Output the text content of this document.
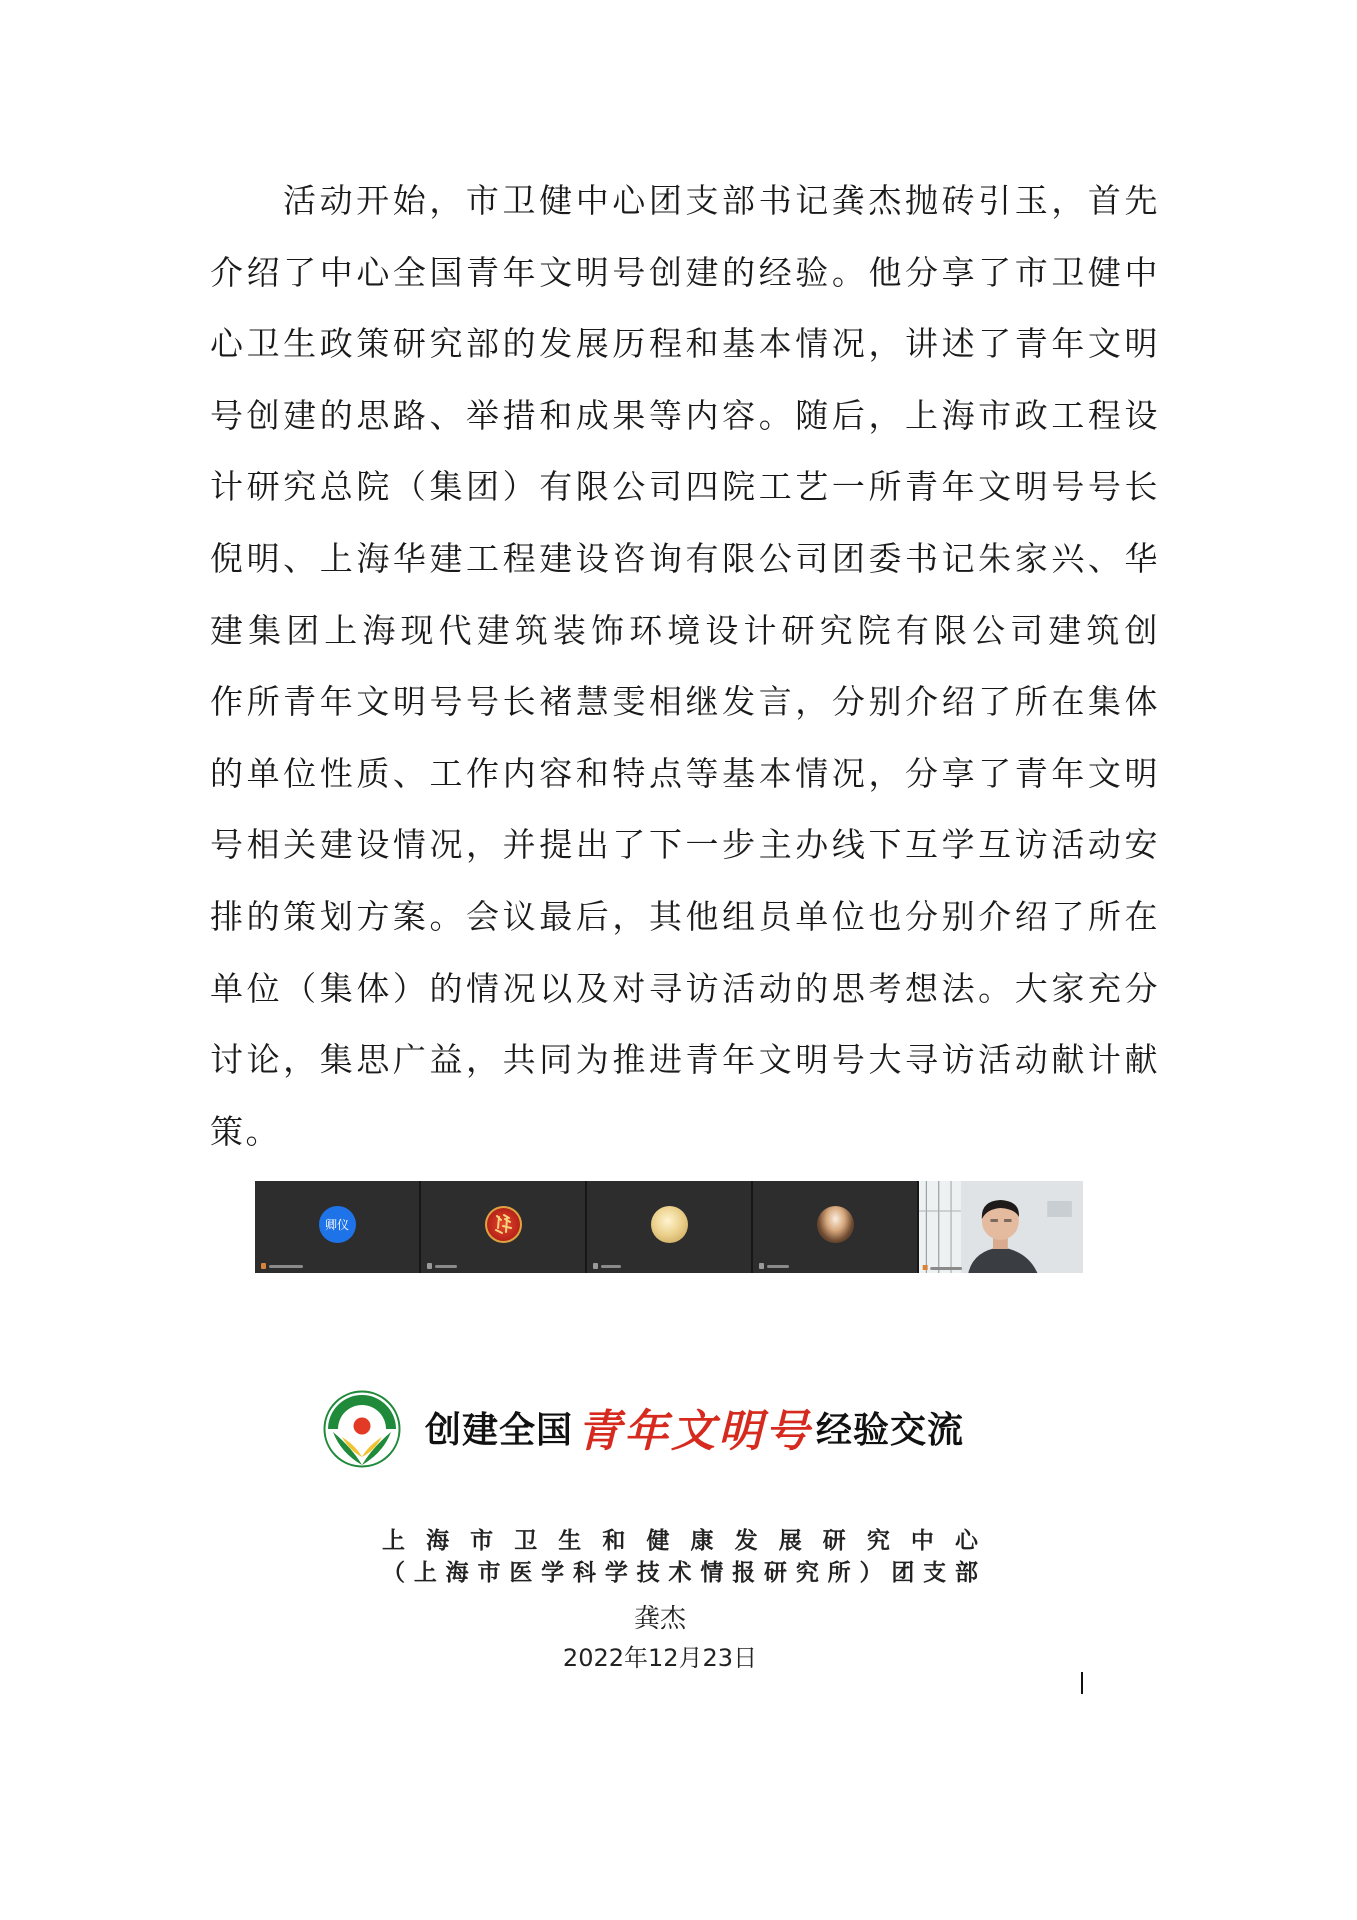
活动开始，市卫健中心团支部书记龚杰抛砖引玉，首先
介绍了中心全国青年文明号创建的经验。他分享了市卫健中
心卫生政策研究部的发展历程和基本情况，讲述了青年文明
号创建的思路、举措和成果等内容。随后，上海市政工程设
计研究总院（集团）有限公司四院工艺一所青年文明号号长
倪明、上海华建工程建设咨询有限公司团委书记朱家兴、华
建集团上海现代建筑装饰环境设计研究院有限公司建筑创
作所青年文明号号长褚慧雯相继发言，分别介绍了所在集体
的单位性质、工作内容和特点等基本情况，分享了青年文明
号相关建设情况，并提出了下一步主办线下互学互访活动安
排的策划方案。会议最后，其他组员单位也分别介绍了所在
单位（集体）的情况以及对寻访活动的思考想法。大家充分
讨论，集思广益，共同为推进青年文明号大寻访活动献计献
策。
卿仪
创建全国 青年文明号 经验交流
上海市卫生和健康发展研究中心
（上海市医学科学技术情报研究所）团支部
龚杰
2022年12月23日
